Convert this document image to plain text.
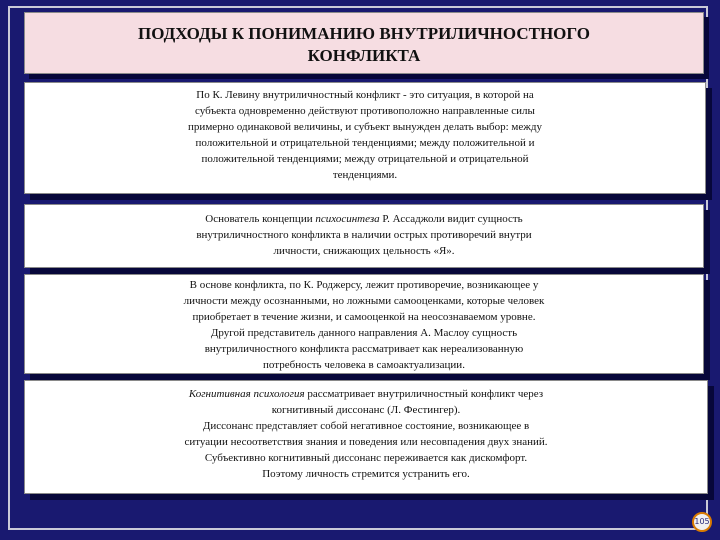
ПОДХОДЫ К ПОНИМАНИЮ ВНУТРИЛИЧНОСТНОГО
КОНФЛИКТА
По К. Левину внутриличностный конфликт - это ситуация, в которой на
субъекта одновременно действуют противоположно направленные силы
примерно одинаковой величины, и субъект вынужден делать выбор: между
положительной и отрицательной тенденциями; между положительной и
положительной тенденциями; между отрицательной и отрицательной
тенденциями.
Основатель концепции психосинтеза Р. Ассаджоли видит сущность
внутриличностного конфликта в наличии острых противоречий внутри
личности, снижающих цельность «Я».
В основе конфликта, по К. Роджерсу, лежит противоречие, возникающее у
личности между осознанными, но ложными самооценками, которые человек
приобретает в течение жизни, и самооценкой на неосознаваемом уровне.
Другой представитель данного направления А. Маслоу сущность
внутриличностного конфликта рассматривает как нереализованную
потребность человека в самоактуализации.
Когнитивная психология рассматривает внутриличностный конфликт через
когнитивный диссонанс (Л. Фестингер).
Диссонанс представляет собой негативное состояние, возникающее в
ситуации несоответствия знания и поведения или несовпадения двух знаний.
Субъективно когнитивный диссонанс переживается как дискомфорт.
Поэтому личность стремится устранить его.
105
